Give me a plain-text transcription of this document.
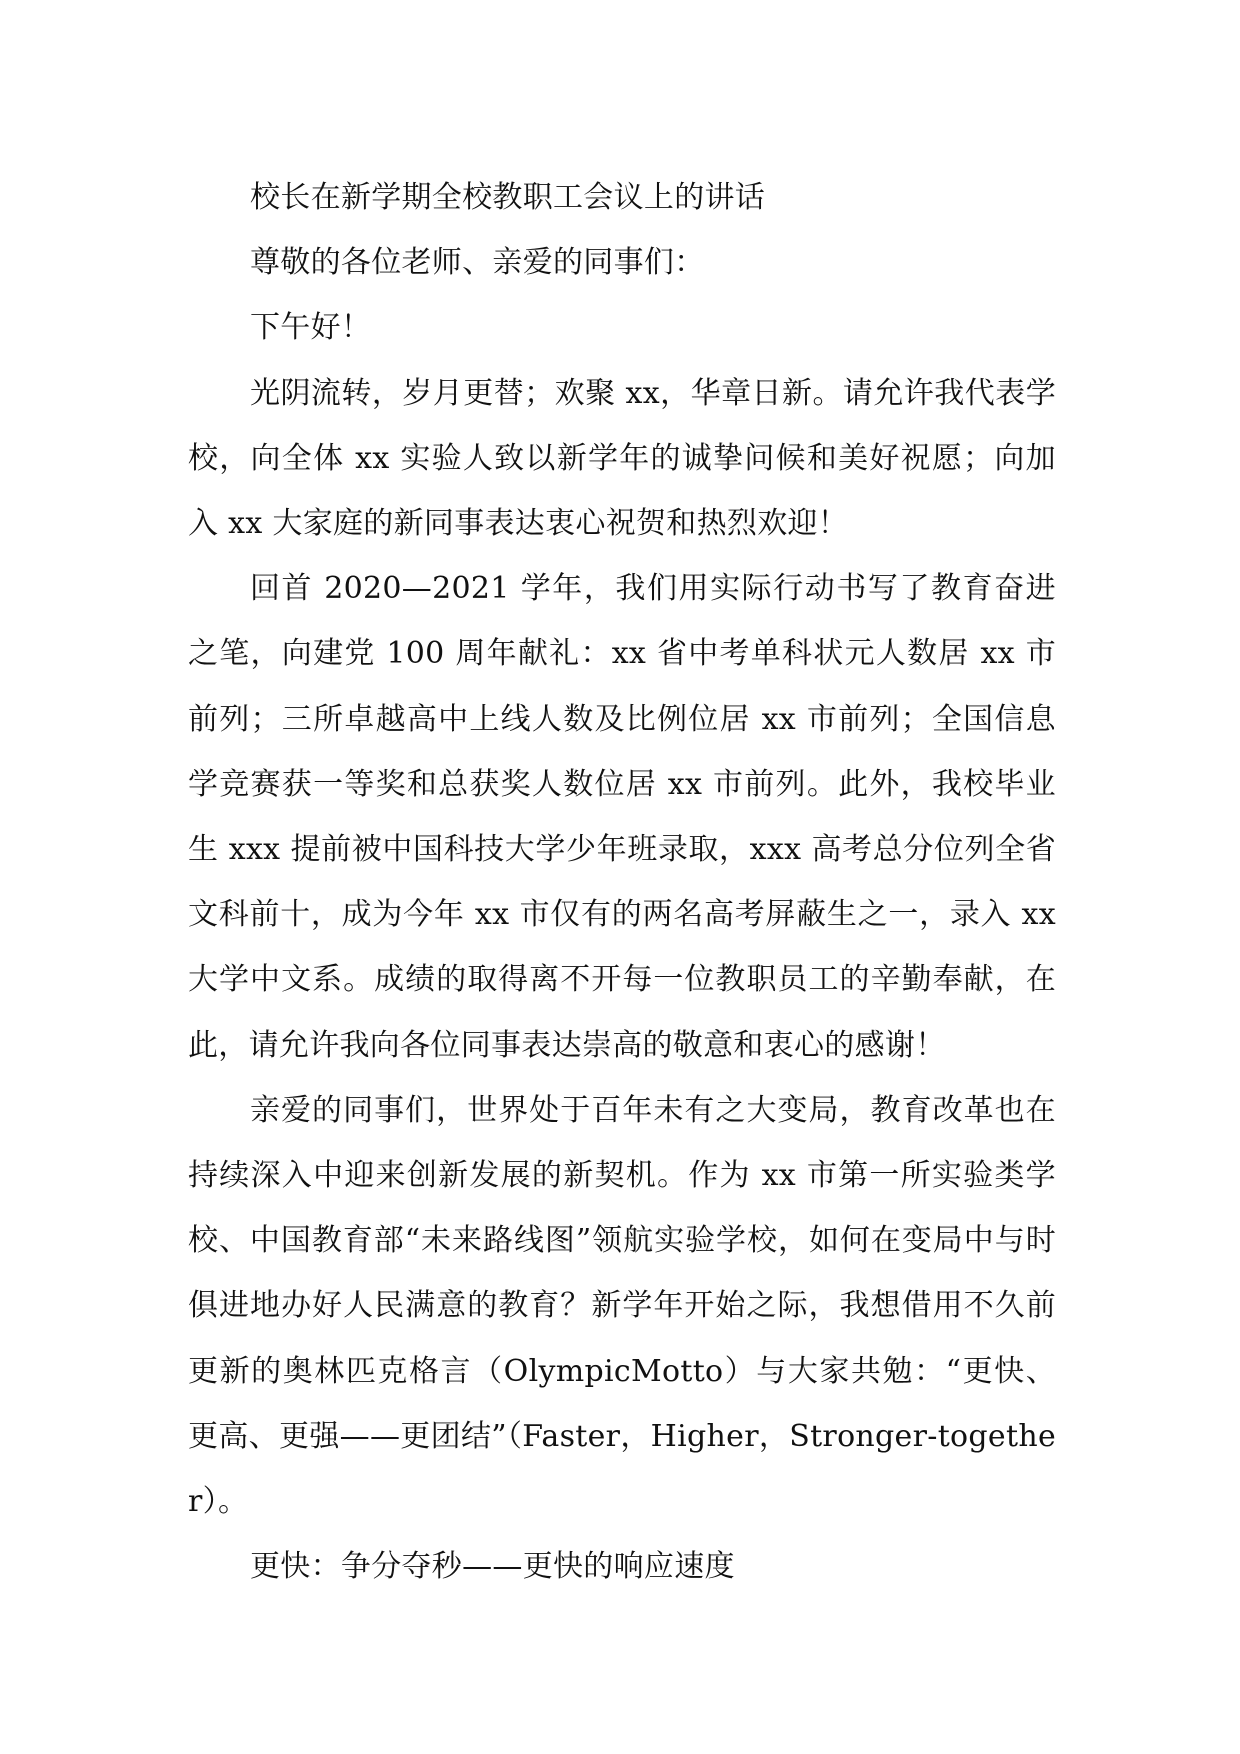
校长在新学期全校教职工会议上的讲话

尊敬的各位老师、亲爱的同事们：

下午好！

光阴流转，岁月更替；欢聚 xx，华章日新。请允许我代表学校，向全体 xx 实验人致以新学年的诚挚问候和美好祝愿；向加入 xx 大家庭的新同事表达衷心祝贺和热烈欢迎！

回首 2020—2021 学年，我们用实际行动书写了教育奋进之笔，向建党 100 周年献礼：xx 省中考单科状元人数居 xx 市前列；三所卓越高中上线人数及比例位居 xx 市前列；全国信息学竞赛获一等奖和总获奖人数位居 xx 市前列。此外，我校毕业生 xxx 提前被中国科技大学少年班录取，xxx 高考总分位列全省文科前十，成为今年 xx 市仅有的两名高考屏蔽生之一，录入 xx 大学中文系。成绩的取得离不开每一位教职员工的辛勤奉献，在此，请允许我向各位同事表达崇高的敬意和衷心的感谢！

亲爱的同事们，世界处于百年未有之大变局，教育改革也在持续深入中迎来创新发展的新契机。作为 xx 市第一所实验类学校、中国教育部“未来路线图”领航实验学校，如何在变局中与时俱进地办好人民满意的教育？新学年开始之际，我想借用不久前更新的奥林匹克格言（OlympicMotto）与大家共勉：“更快、更高、更强——更团结”（Faster，Higher，Stronger-together）。

更快：争分夺秒——更快的响应速度
